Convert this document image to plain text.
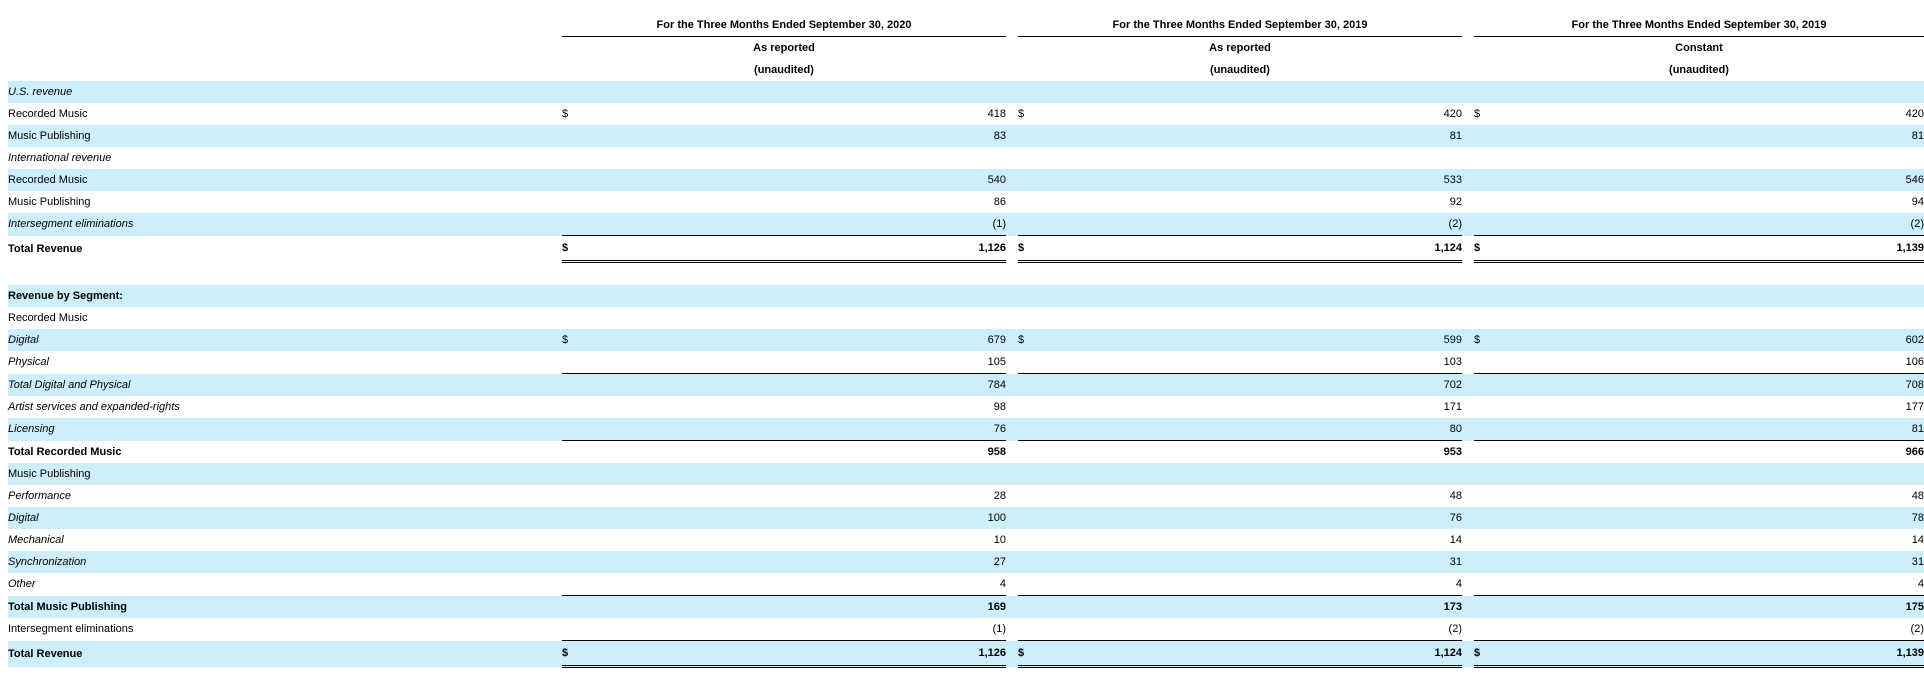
	For the Three Months Ended September 30, 2020			For the Three Months Ended September 30, 2019			For the Three Months Ended September 30, 2019	
	As reported			As reported			Constant	
	(unaudited)			(unaudited)			(unaudited)	
U.S. revenue								
Recorded Music	$	418		$	420		$	420
Music Publishing		83			81			81
International revenue								
Recorded Music		540			533			546
Music Publishing		86			92			94
Intersegment eliminations		(1)			(2)			(2)
Total Revenue	$	1,126		$	1,124		$	1,139

Revenue by Segment:								
Recorded Music								
Digital	$	679		$	599		$	602
Physical		105			103			106
Total Digital and Physical		784			702			708
Artist services and expanded-rights		98			171			177
Licensing		76			80			81
Total Recorded Music		958			953			966
Music Publishing								
Performance		28			48			48
Digital		100			76			78
Mechanical		10			14			14
Synchronization		27			31			31
Other		4			4			4
Total Music Publishing		169			173			175
Intersegment eliminations		(1)			(2)			(2)
Total Revenue	$	1,126		$	1,124		$	1,139
